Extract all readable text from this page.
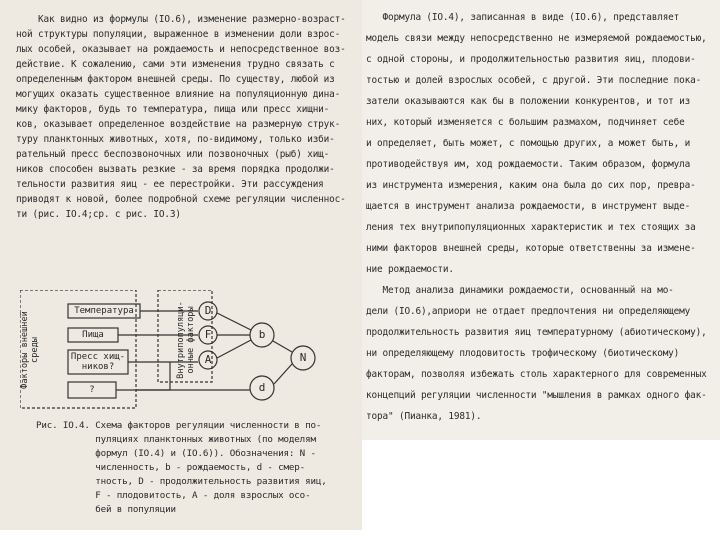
Как видно из формулы (IO.6), изменение размерно-возраст-
ной структуры популяции, выраженное в изменении доли взрос-
лых особей, оказывает на рождаемость и непосредственное воз-
действие. К сожалению, сами эти изменения трудно связать с
определенным фактором внешней среды. По существу, любой из
могущих оказать существенное влияние на популяционную дина-
мику факторов, будь то температура, пища или пресс хищни-
ков, оказывает определенное воздействие на размерную струк-
туру планктонных животных, хотя, по-видимому, только изби-
рательный пресс беспозвоночных или позвоночных (рыб) хищ-
ников способен вызвать резкие - за время порядка продолжи-
тельности развития яиц - ее перестройки. Эти рассуждения
приводят к новой, более подробной схеме регуляции численнос-
ти (рис. IO.4;ср. с рис. IO.3)
Факторы внешней
среды	Внутрипопуляци-
онные факторы
Температура
Пища
Пресс хищ-
ников?
?
D
F
A
b
N
d
Рис. IO.4. Схема факторов регуляции численности в по-
пуляциях планктонных животных (по моделям
формул (IO.4) и (IO.6)). Обозначения: N -
численность, b - рождаемость, d - смер-
тность, D - продолжительность развития яиц,
F - плодовитость, A - доля взрослых осо-
бей в популяции
Формула (IO.4), записанная в виде (IO.6), представляет
модель связи между непосредственно не измеряемой рождаемостью,
с одной стороны, и продолжительностью развития яиц, плодови-
тостью и долей взрослых особей, с другой. Эти последние пока-
затели оказываются как бы в положении конкурентов, и тот из
них, который изменяется с большим размахом, подчиняет себе
и определяет, быть может, с помощью других, а может быть, и
противодействуя им, ход рождаемости. Таким образом, формула
из инструмента измерения, каким она была до сих пор, превра-
щается в инструмент анализа рождаемости, в инструмент выде-
ления тех внутрипопуляционных характеристик и тех стоящих за
ними факторов внешней среды, которые ответственны за измене-
ние рождаемости.
Метод анализа динамики рождаемости, основанный на мо-
дели (IO.6),априори не отдает предпочтения ни определяющему
продолжительность развития яиц температурному (абиотическому),
ни определяющему плодовитость трофическому (биотическому)
факторам, позволяя избежать столь характерного для современных
концепций регуляции численности "мышления в рамках одного фак-
тора" (Пианка, 1981).
